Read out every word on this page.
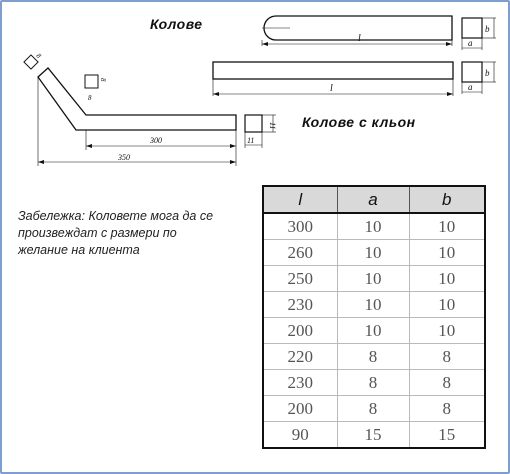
l	a
b
l	a
b
300
350
11
11
8
8
8
Колове
Колове с кльон
Забележка: Коловете могa да се
произвеждат с размери по
желание на клиента
l	a	b
300	10	10
260	10	10
250	10	10
230	10	10
200	10	10
220	8	8
230	8	8
200	8	8
90	15	15
